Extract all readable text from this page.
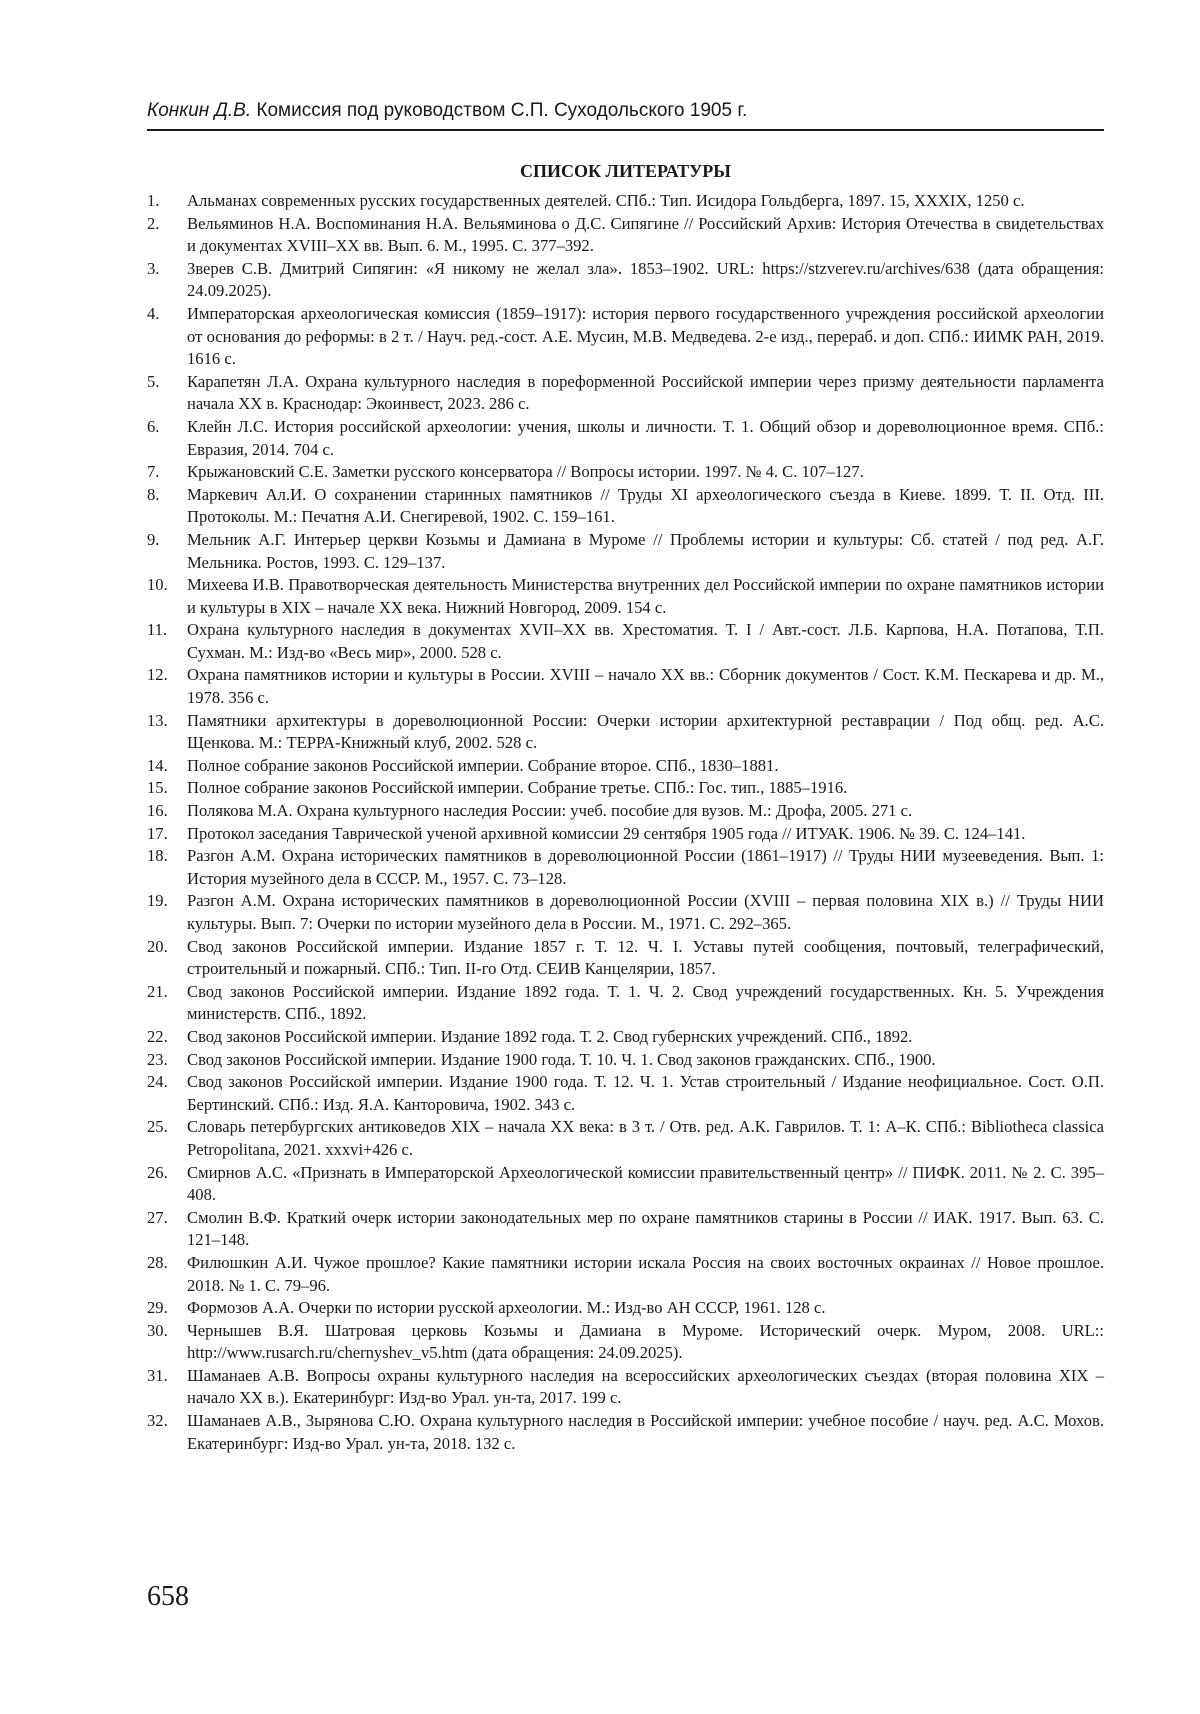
Конкин Д.В. Комиссия под руководством С.П. Суходольского 1905 г.
СПИСОК ЛИТЕРАТУРЫ
1.	Альманах современных русских государственных деятелей. СПб.: Тип. Исидора Гольдберга, 1897. 15, XXXIX, 1250 с.
2.	Вельяминов Н.А. Воспоминания Н.А. Вельяминова о Д.С. Сипягине // Российский Архив: История Отечества в свидетельствах и документах XVIII–XX вв. Вып. 6. М., 1995. С. 377–392.
3.	Зверев С.В. Дмитрий Сипягин: «Я никому не желал зла». 1853–1902. URL: https://stzverev.ru/archives/638 (дата обращения: 24.09.2025).
4.	Императорская археологическая комиссия (1859–1917): история первого государственного учреждения российской археологии от основания до реформы: в 2 т. / Науч. ред.-сост. А.Е. Мусин, М.В. Медведева. 2-е изд., перераб. и доп. СПб.: ИИМК РАН, 2019. 1616 с.
5.	Карапетян Л.А. Охрана культурного наследия в пореформенной Российской империи через призму деятельности парламента начала XX в. Краснодар: Экоинвест, 2023. 286 с.
6.	Клейн Л.С. История российской археологии: учения, школы и личности. Т. 1. Общий обзор и дореволюционное время. СПб.: Евразия, 2014. 704 с.
7.	Крыжановский С.Е. Заметки русского консерватора // Вопросы истории. 1997. № 4. С. 107–127.
8.	Маркевич Ал.И. О сохранении старинных памятников // Труды XI археологического съезда в Киеве. 1899. Т. II. Отд. III. Протоколы. М.: Печатня А.И. Снегиревой, 1902. С. 159–161.
9.	Мельник А.Г. Интерьер церкви Козьмы и Дамиана в Муроме // Проблемы истории и культуры: Сб. статей / под ред. А.Г. Мельника. Ростов, 1993. С. 129–137.
10.	Михеева И.В. Правотворческая деятельность Министерства внутренних дел Российской империи по охране памятников истории и культуры в XIX – начале XX века. Нижний Новгород, 2009. 154 с.
11.	Охрана культурного наследия в документах XVII–XX вв. Хрестоматия. Т. I / Авт.-сост. Л.Б. Карпова, Н.А. Потапова, Т.П. Сухман. М.: Изд-во «Весь мир», 2000. 528 с.
12.	Охрана памятников истории и культуры в России. XVIII – начало XX вв.: Сборник документов / Сост. К.М. Пескарева и др. М., 1978. 356 с.
13.	Памятники архитектуры в дореволюционной России: Очерки истории архитектурной реставрации / Под общ. ред. А.С. Щенкова. М.: ТЕРРА-Книжный клуб, 2002. 528 с.
14.	Полное собрание законов Российской империи. Собрание второе. СПб., 1830–1881.
15.	Полное собрание законов Российской империи. Собрание третье. СПб.: Гос. тип., 1885–1916.
16.	Полякова М.А. Охрана культурного наследия России: учеб. пособие для вузов. М.: Дрофа, 2005. 271 с.
17.	Протокол заседания Таврической ученой архивной комиссии 29 сентября 1905 года // ИТУАК. 1906. № 39. С. 124–141.
18.	Разгон А.М. Охрана исторических памятников в дореволюционной России (1861–1917) // Труды НИИ музееведения. Вып. 1: История музейного дела в СССР. М., 1957. С. 73–128.
19.	Разгон А.М. Охрана исторических памятников в дореволюционной России (XVIII – первая половина XIX в.) // Труды НИИ культуры. Вып. 7: Очерки по истории музейного дела в России. М., 1971. С. 292–365.
20.	Свод законов Российской империи. Издание 1857 г. Т. 12. Ч. I. Уставы путей сообщения, почтовый, телеграфический, строительный и пожарный. СПб.: Тип. II-го Отд. СЕИВ Канцелярии, 1857.
21.	Свод законов Российской империи. Издание 1892 года. Т. 1. Ч. 2. Свод учреждений государственных. Кн. 5. Учреждения министерств. СПб., 1892.
22.	Свод законов Российской империи. Издание 1892 года. Т. 2. Свод губернских учреждений. СПб., 1892.
23.	Свод законов Российской империи. Издание 1900 года. Т. 10. Ч. 1. Свод законов гражданских. СПб., 1900.
24.	Свод законов Российской империи. Издание 1900 года. Т. 12. Ч. 1. Устав строительный / Издание неофициальное. Сост. О.П. Бертинский. СПб.: Изд. Я.А. Канторовича, 1902. 343 с.
25.	Словарь петербургских антиковедов XIX – начала XX века: в 3 т. / Отв. ред. А.К. Гаврилов. Т. 1: А–К. СПб.: Bibliotheca classica Petropolitana, 2021. xxxvi+426 с.
26.	Смирнов А.С. «Признать в Императорской Археологической комиссии правительственный центр» // ПИФК. 2011. № 2. С. 395–408.
27.	Смолин В.Ф. Краткий очерк истории законодательных мер по охране памятников старины в России // ИАК. 1917. Вып. 63. С. 121–148.
28.	Филюшкин А.И. Чужое прошлое? Какие памятники истории искала Россия на своих восточных окраинах // Новое прошлое. 2018. № 1. С. 79–96.
29.	Формозов А.А. Очерки по истории русской археологии. М.: Изд-во АН СССР, 1961. 128 с.
30.	Чернышев В.Я. Шатровая церковь Козьмы и Дамиана в Муроме. Исторический очерк. Муром, 2008. URL:: http://www.rusarch.ru/chernyshev_v5.htm (дата обращения: 24.09.2025).
31.	Шаманаев А.В. Вопросы охраны культурного наследия на всероссийских археологических съездах (вторая половина XIX – начало XX в.). Екатеринбург: Изд-во Урал. ун-та, 2017. 199 с.
32.	Шаманаев А.В., Зырянова С.Ю. Охрана культурного наследия в Российской империи: учебное пособие / науч. ред. А.С. Мохов. Екатеринбург: Изд-во Урал. ун-та, 2018. 132 с.
658
